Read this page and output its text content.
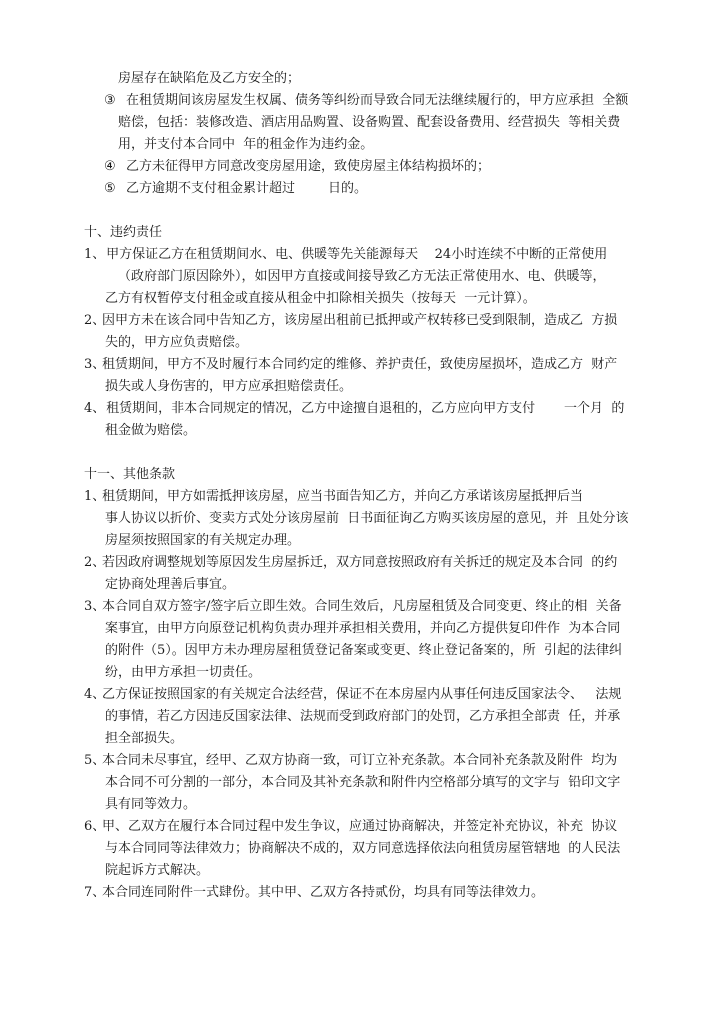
房屋存在缺陷危及乙方安全的；
③ 在租赁期间该房屋发生权属、债务等纠纷而导致合同无法继续履行的，甲方应承担  全额
赔偿，包括：装修改造、酒店用品购置、设备购置、配套设备费用、经营损失  等相关费
用，并支付本合同中  年的租金作为违约金。
④ 乙方未征得甲方同意改变房屋用途，致使房屋主体结构损坏的；
⑤ 乙方逾期不支付租金累计超过        日的。
十、违约责任
1、
甲方保证乙方在租赁期间水、电、供暖等先关能源每天    24小时连续不中断的正常使用
（政府部门原因除外），如因甲方直接或间接导致乙方无法正常使用水、电、供暖等，
乙方有权暂停支付租金或直接从租金中扣除相关损失（按每天  一元计算）。
2、
因甲方未在该合同中告知乙方，该房屋出租前已抵押或产权转移已受到限制，造成乙  方损
失的，甲方应负责赔偿。
3、
租赁期间，甲方不及时履行本合同约定的维修、养护责任，致使房屋损坏，造成乙方  财产
损失或人身伤害的，甲方应承担赔偿责任。
4、
租赁期间，非本合同规定的情况，乙方中途擅自退租的，乙方应向甲方支付       一个月  的
租金做为赔偿。
十一、其他条款
1、
租赁期间，甲方如需抵押该房屋，应当书面告知乙方，并向乙方承诺该房屋抵押后当
事人协议以折价、变卖方式处分该房屋前  日书面征询乙方购买该房屋的意见，并  且处分该
房屋须按照国家的有关规定办理。
2、
若因政府调整规划等原因发生房屋拆迁，双方同意按照政府有关拆迁的规定及本合同  的约
定协商处理善后事宜。
3、
本合同自双方签字/签字后立即生效。合同生效后，凡房屋租赁及合同变更、终止的相  关备
案事宜，由甲方向原登记机构负责办理并承担相关费用，并向乙方提供复印件作  为本合同
的附件（5）。因甲方未办理房屋租赁登记备案或变更、终止登记备案的，所  引起的法律纠
纷，由甲方承担一切责任。
4、
乙方保证按照国家的有关规定合法经营，保证不在本房屋内从事任何违反国家法令、   法规
的事情，若乙方因违反国家法律、法规而受到政府部门的处罚，乙方承担全部责  任，并承
担全部损失。
5、
本合同未尽事宜，经甲、乙双方协商一致，可订立补充条款。本合同补充条款及附件  均为
本合同不可分割的一部分，本合同及其补充条款和附件内空格部分填写的文字与  铅印文字
具有同等效力。
6、
甲、乙双方在履行本合同过程中发生争议，应通过协商解决，并签定补充协议，补充  协议
与本合同同等法律效力；协商解决不成的，双方同意选择依法向租赁房屋管辖地  的人民法
院起诉方式解决。
7、
本合同连同附件一式肆份。其中甲、乙双方各持贰份，均具有同等法律效力。
